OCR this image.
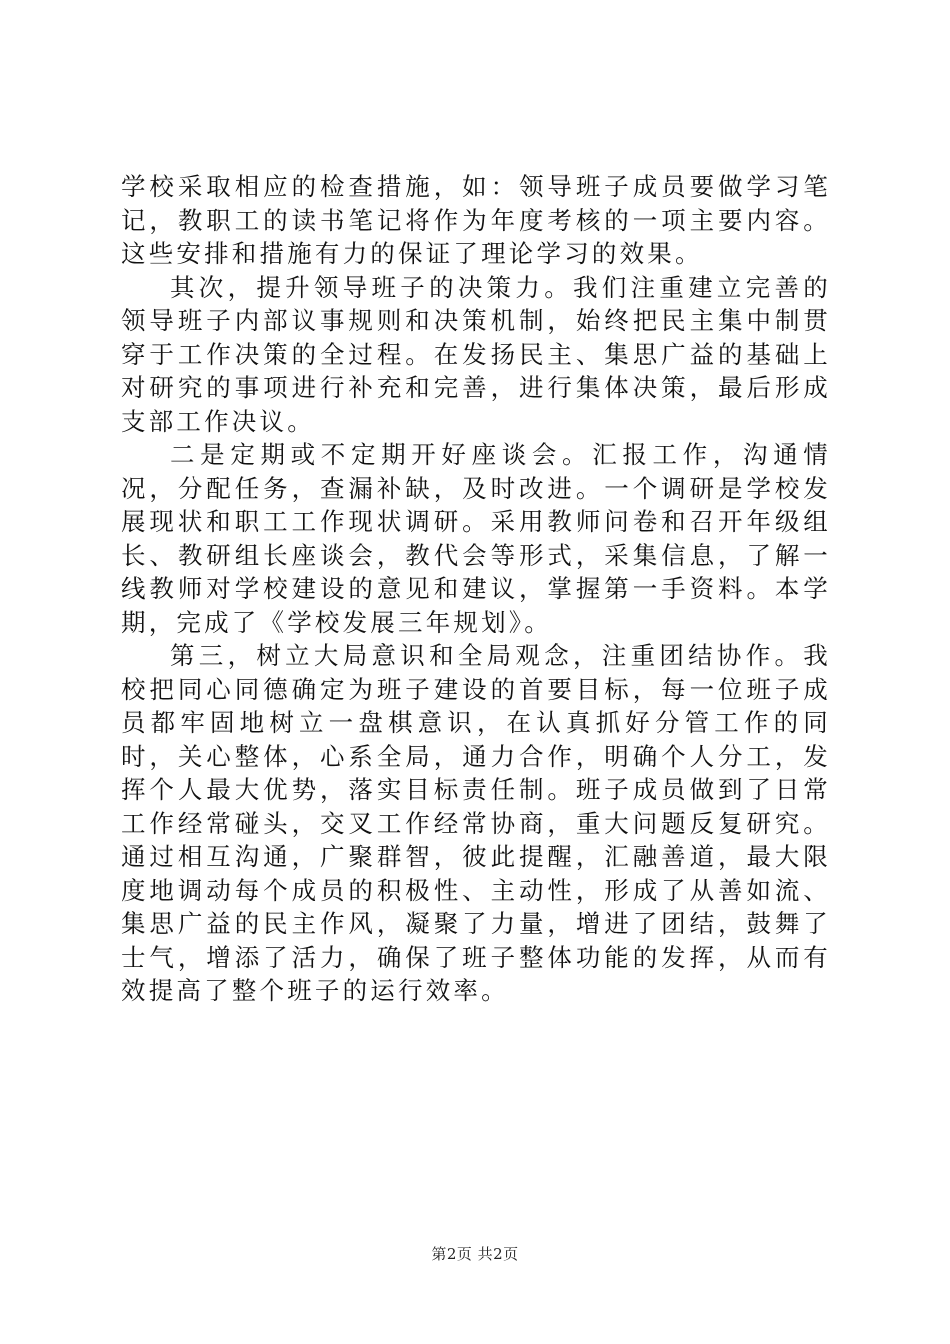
学校采取相应的检查措施，如：领导班子成员要做学习笔记，教职工的读书笔记将作为年度考核的一项主要内容。这些安排和措施有力的保证了理论学习的效果。

其次，提升领导班子的决策力。我们注重建立完善的领导班子内部议事规则和决策机制，始终把民主集中制贯穿于工作决策的全过程。在发扬民主、集思广益的基础上对研究的事项进行补充和完善，进行集体决策，最后形成支部工作决议。

二是定期或不定期开好座谈会。汇报工作，沟通情况，分配任务，查漏补缺，及时改进。一个调研是学校发展现状和职工工作现状调研。采用教师问卷和召开年级组长、教研组长座谈会，教代会等形式，采集信息，了解一线教师对学校建设的意见和建议，掌握第一手资料。本学期，完成了《学校发展三年规划》。

第三，树立大局意识和全局观念，注重团结协作。我校把同心同德确定为班子建设的首要目标，每一位班子成员都牢固地树立一盘棋意识，在认真抓好分管工作的同时，关心整体，心系全局，通力合作，明确个人分工，发挥个人最大优势，落实目标责任制。班子成员做到了日常工作经常碰头，交叉工作经常协商，重大问题反复研究。通过相互沟通，广聚群智，彼此提醒，汇融善道，最大限度地调动每个成员的积极性、主动性，形成了从善如流、集思广益的民主作风，凝聚了力量，增进了团结，鼓舞了士气，增添了活力，确保了班子整体功能的发挥，从而有效提高了整个班子的运行效率。

第2页 共2页
